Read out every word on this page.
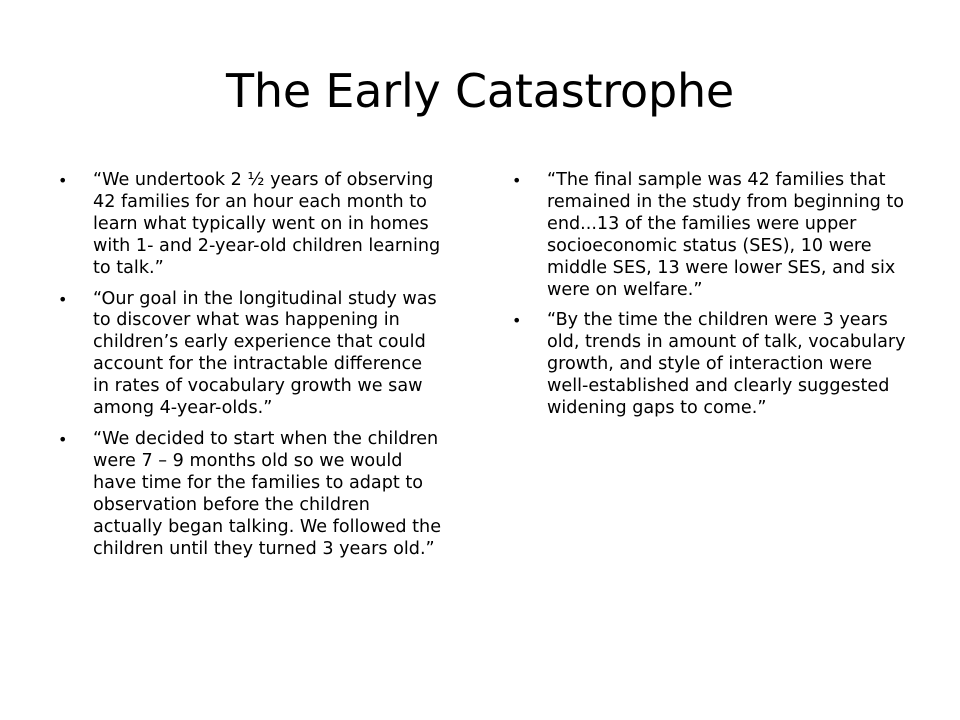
The Early Catastrophe
•	“We undertook 2 ½ years of observing 42 families for an hour each month to learn what typically went on in homes with 1- and 2-year-old children learning to talk.”
•	“Our goal in the longitudinal study was to discover what was happening in children’s early experience that could account for the intractable difference in rates of vocabulary growth we saw among 4-year-olds.”
•	“We decided to start when the children were 7 – 9 months old so we would have time for the families to adapt to observation before the children actually began talking. We followed the children until they turned 3 years old.”
•	“The final sample was 42 families that remained in the study from beginning to end...13 of the families were upper socioeconomic status (SES), 10 were middle SES, 13 were lower SES, and six were on welfare.”
•	“By the time the children were 3 years old, trends in amount of talk, vocabulary growth, and style of interaction were well-established and clearly suggested widening gaps to come.”
